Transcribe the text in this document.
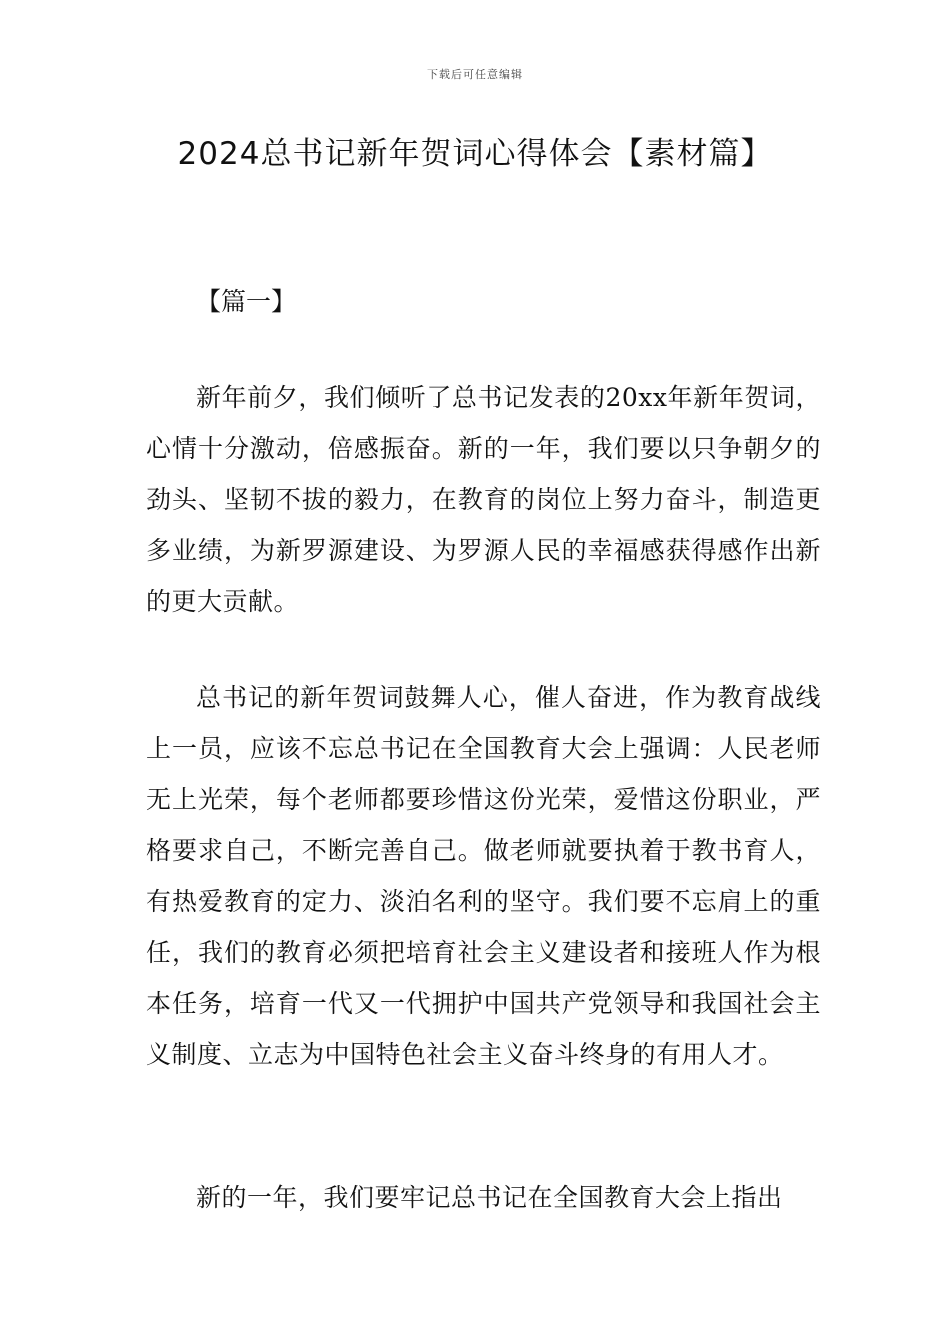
下载后可任意编辑
2024总书记新年贺词心得体会【素材篇】
【篇一】

新年前夕，我们倾听了总书记发表的20xx年新年贺词，心情十分激动，倍感振奋。新的一年，我们要以只争朝夕的劲头、坚韧不拔的毅力，在教育的岗位上努力奋斗，制造更多业绩，为新罗源建设、为罗源人民的幸福感获得感作出新的更大贡献。

总书记的新年贺词鼓舞人心，催人奋进，作为教育战线上一员，应该不忘总书记在全国教育大会上强调：人民老师无上光荣，每个老师都要珍惜这份光荣，爱惜这份职业，严格要求自己，不断完善自己。做老师就要执着于教书育人，有热爱教育的定力、淡泊名利的坚守。我们要不忘肩上的重任，我们的教育必须把培育社会主义建设者和接班人作为根本任务，培育一代又一代拥护中国共产党领导和我国社会主义制度、立志为中国特色社会主义奋斗终身的有用人才。

新的一年，我们要牢记总书记在全国教育大会上指出
